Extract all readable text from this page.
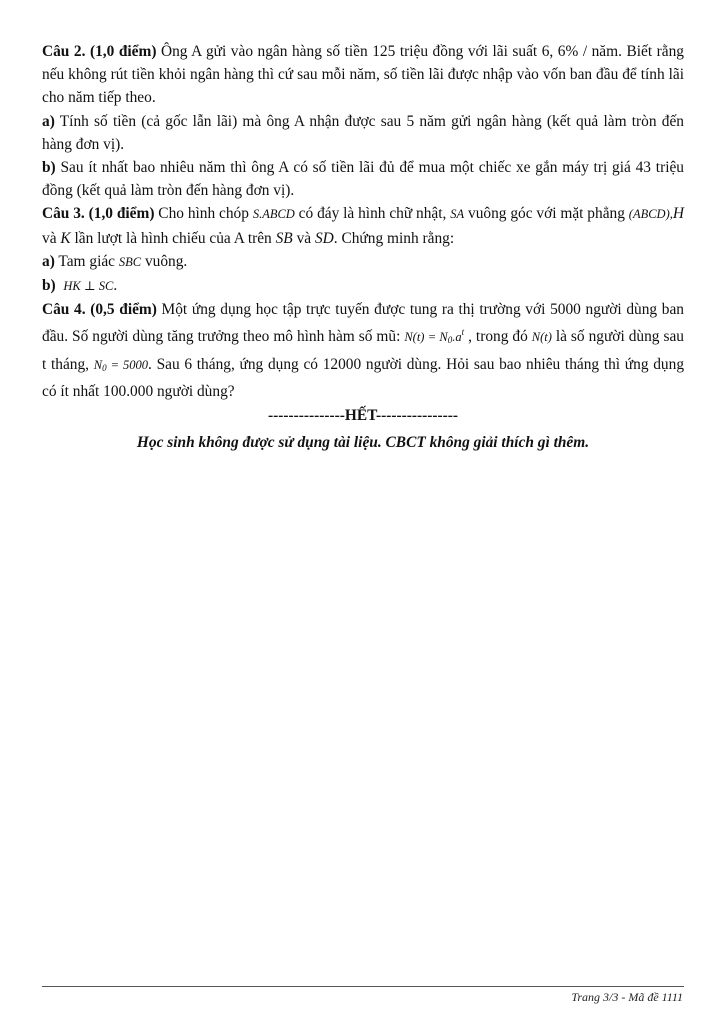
Câu 2. (1,0 điểm) Ông A gửi vào ngân hàng số tiền 125 triệu đồng với lãi suất 6, 6% / năm. Biết rằng nếu không rút tiền khỏi ngân hàng thì cứ sau mỗi năm, số tiền lãi được nhập vào vốn ban đầu để tính lãi cho năm tiếp theo.

a) Tính số tiền (cả gốc lẫn lãi) mà ông A nhận được sau 5 năm gửi ngân hàng (kết quả làm tròn đến hàng đơn vị).

b) Sau ít nhất bao nhiêu năm thì ông A có số tiền lãi đủ để mua một chiếc xe gắn máy trị giá 43 triệu đồng (kết quả làm tròn đến hàng đơn vị).

Câu 3. (1,0 điểm) Cho hình chóp S.ABCD có đáy là hình chữ nhật, SA vuông góc với mặt phẳng (ABCD),H và K lần lượt là hình chiếu của A trên SB và SD. Chứng minh rằng:

a) Tam giác SBC vuông.

b) HK ⊥ SC.

Câu 4. (0,5 điểm) Một ứng dụng học tập trực tuyến được tung ra thị trường với 5000 người dùng ban đầu. Số người dùng tăng trưởng theo mô hình hàm số mũ: $N(t) = N_0.a^t$ , trong đó N(t) là số người dùng sau t tháng, $N_0 = 5000$. Sau 6 tháng, ứng dụng có 12000 người dùng. Hỏi sau bao nhiêu tháng thì ứng dụng có ít nhất 100.000 người dùng?

---------------HẾT----------------

Học sinh không được sử dụng tài liệu. CBCT không giải thích gì thêm.

Trang 3/3 - Mã đề 1111
